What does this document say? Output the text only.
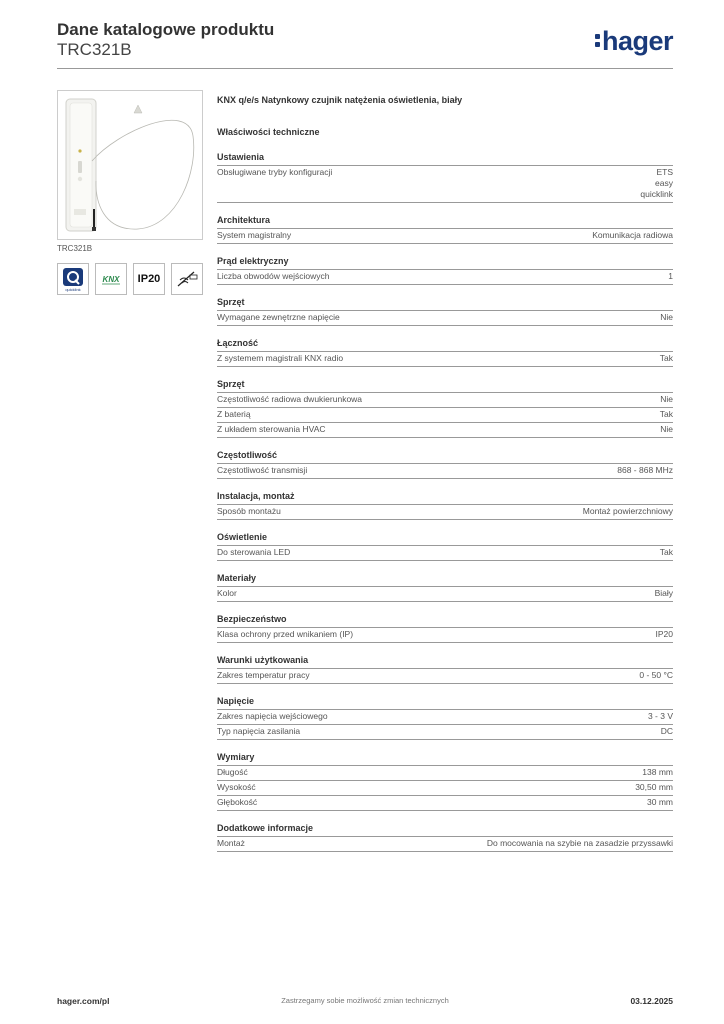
Dane katalogowe produktu
TRC321B	hager
TRC321B
quicklink
KNX IP20
KNX q/e/s Natynkowy czujnik natężenia oświetlenia, biały
Właściwości techniczne
Ustawienia
Obsługiwane tryby konfiguracji	ETS
easy
quicklink
Architektura
System magistralny	Komunikacja radiowa
Prąd elektryczny
Liczba obwodów wejściowych	1
Sprzęt
Wymagane zewnętrzne napięcie	Nie
Łączność
Z systemem magistrali KNX radio	Tak
Sprzęt
Częstotliwość radiowa dwukierunkowa	Nie
Z baterią	Tak
Z układem sterowania HVAC	Nie
Częstotliwość
Częstotliwość transmisji	868 - 868 MHz
Instalacja, montaż
Sposób montażu	Montaż powierzchniowy
Oświetlenie
Do sterowania LED	Tak
Materiały
Kolor	Biały
Bezpieczeństwo
Klasa ochrony przed wnikaniem (IP)	IP20
Warunki użytkowania
Zakres temperatur pracy	0 - 50 °C
Napięcie
Zakres napięcia wejściowego	3 - 3 V
Typ napięcia zasilania	DC
Wymiary
Długość	138 mm
Wysokość	30,50 mm
Głębokość	30 mm
Dodatkowe informacje
Montaż	Do mocowania na szybie na zasadzie przyssawki
hager.com/pl	Zastrzegamy sobie możliwość zmian technicznych	03.12.2025
